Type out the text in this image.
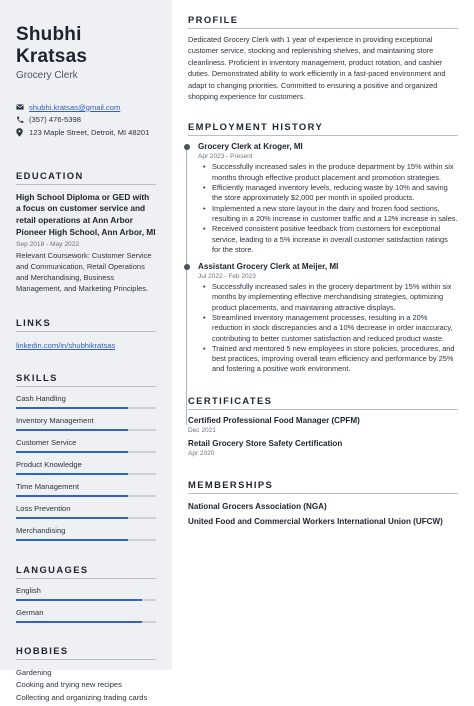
Shubhi Kratsas
Grocery Clerk
shubhi.kratsas@gmail.com
(357) 476-5398
123 Maple Street, Detroit, MI 48201
EDUCATION
High School Diploma or GED with a focus on customer service and retail operations at Ann Arbor Pioneer High School, Ann Arbor, MI
Sep 2018 - May 2022
Relevant Coursework: Customer Service and Communication, Retail Operations and Merchandising, Business Management, and Marketing Principles.
LINKS
linkedin.com/in/shubhikratsas
SKILLS
Cash Handling
Inventory Management
Customer Service
Product Knowledge
Time Management
Loss Prevention
Merchandising
LANGUAGES
English
German
HOBBIES
Gardening
Cooking and trying new recipes
Collecting and organizing trading cards
PROFILE

Dedicated Grocery Clerk with 1 year of experience in providing exceptional customer service, stocking and replenishing shelves, and maintaining store cleanliness. Proficient in inventory management, product rotation, and cashier duties. Demonstrated ability to work efficiently in a fast-paced environment and adapt to changing priorities. Committed to ensuring a positive and organized shopping experience for customers.

EMPLOYMENT HISTORY
Grocery Clerk at Kroger, MI
Apr 2023 - Present
• Successfully increased sales in the produce department by 15% within six months through effective product placement and promotion strategies.
• Efficiently managed inventory levels, reducing waste by 10% and saving the store approximately $2,000 per month in spoiled products.
• Implemented a new store layout in the dairy and frozen food sections, resulting in a 20% increase in customer traffic and a 12% increase in sales.
• Received consistent positive feedback from customers for exceptional service, leading to a 5% increase in overall customer satisfaction ratings for the store.
Assistant Grocery Clerk at Meijer, MI
Jul 2022 - Feb 2023
• Successfully increased sales in the grocery department by 15% within six months by implementing effective merchandising strategies, optimizing product placements, and maintaining attractive displays.
• Streamlined inventory management processes, resulting in a 20% reduction in stock discrepancies and a 10% decrease in order inaccuracy, contributing to better customer satisfaction and reduced product waste.
• Trained and mentored 5 new employees in store policies, procedures, and best practices, improving overall team efficiency and performance by 25% and fostering a positive work environment.
CERTIFICATES
Certified Professional Food Manager (CPFM)
Dec 2021
Retail Grocery Store Safety Certification
Apr 2020
MEMBERSHIPS
National Grocers Association (NGA)
United Food and Commercial Workers International Union (UFCW)
